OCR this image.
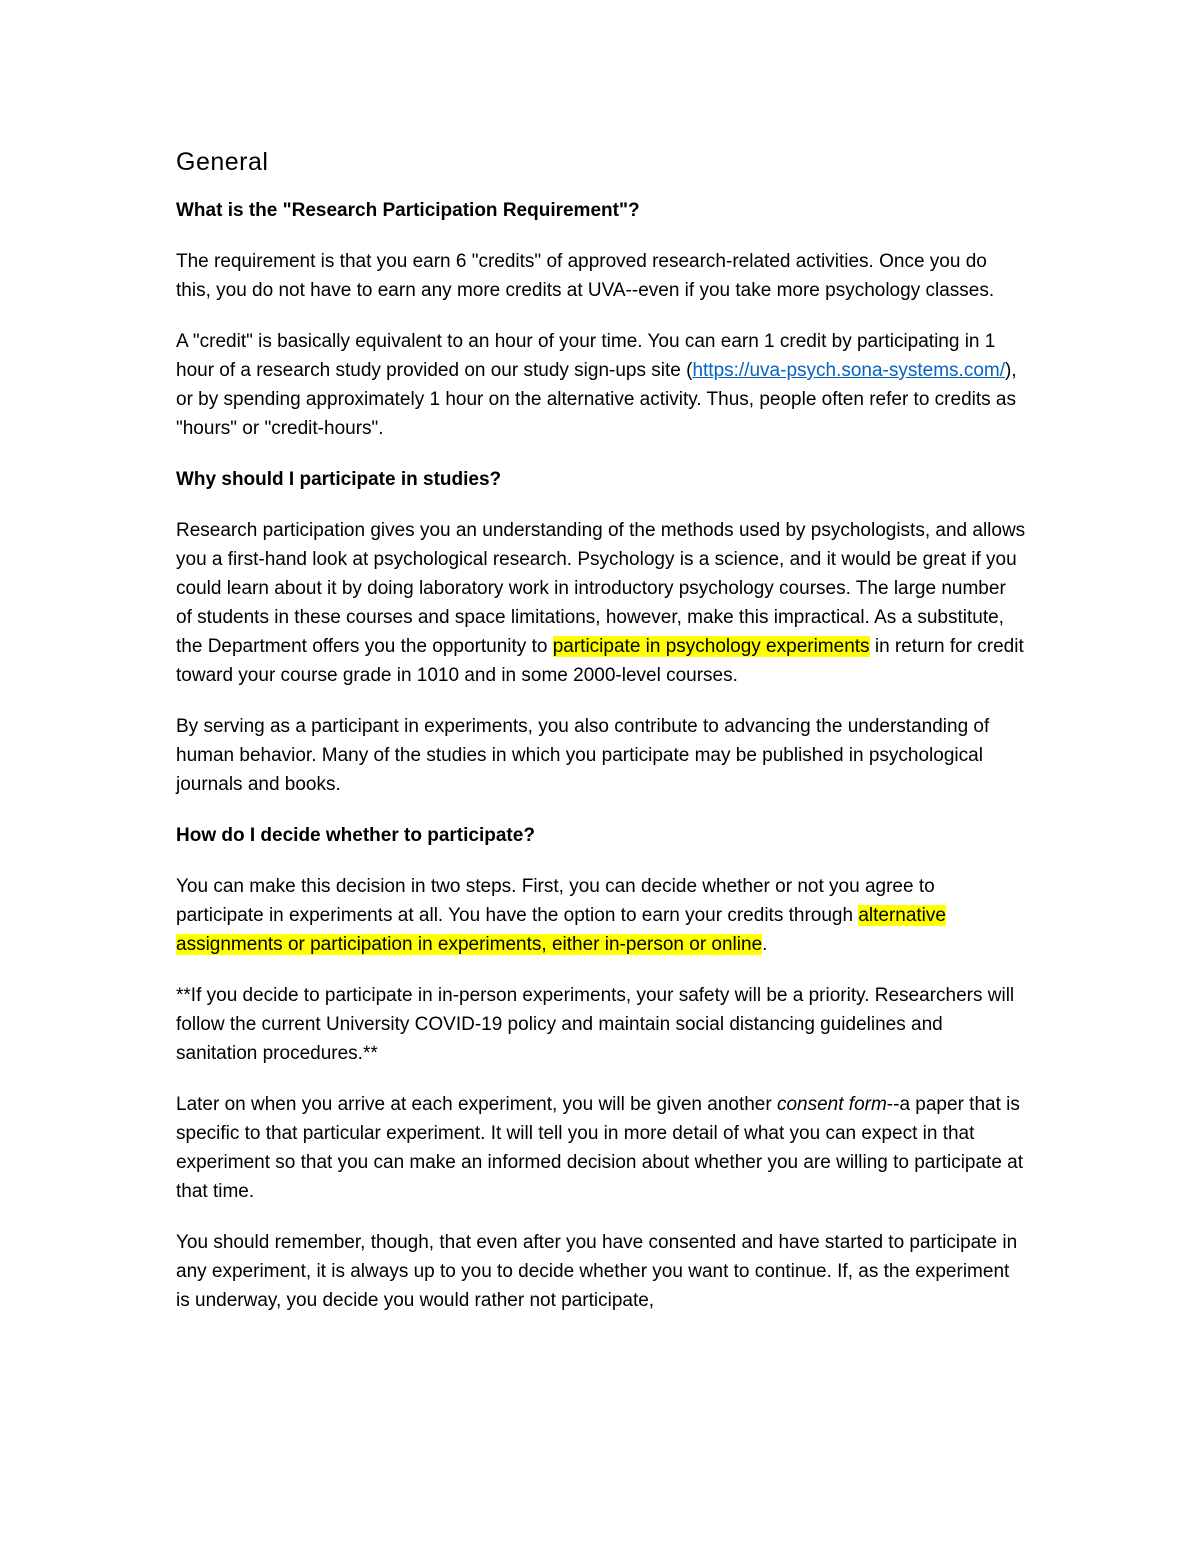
General
What is the "Research Participation Requirement"?
The requirement is that you earn 6 "credits" of approved research-related activities. Once you do this, you do not have to earn any more credits at UVA--even if you take more psychology classes.
A "credit" is basically equivalent to an hour of your time. You can earn 1 credit by participating in 1 hour of a research study provided on our study sign-ups site (https://uva-psych.sona-systems.com/), or by spending approximately 1 hour on the alternative activity. Thus, people often refer to credits as "hours" or "credit-hours".
Why should I participate in studies?
Research participation gives you an understanding of the methods used by psychologists, and allows you a first-hand look at psychological research. Psychology is a science, and it would be great if you could learn about it by doing laboratory work in introductory psychology courses. The large number of students in these courses and space limitations, however, make this impractical. As a substitute, the Department offers you the opportunity to participate in psychology experiments in return for credit toward your course grade in 1010 and in some 2000-level courses.
By serving as a participant in experiments, you also contribute to advancing the understanding of human behavior. Many of the studies in which you participate may be published in psychological journals and books.
How do I decide whether to participate?
You can make this decision in two steps. First, you can decide whether or not you agree to participate in experiments at all. You have the option to earn your credits through alternative assignments or participation in experiments, either in-person or online.
**If you decide to participate in in-person experiments, your safety will be a priority. Researchers will follow the current University COVID-19 policy and maintain social distancing guidelines and sanitation procedures.**
Later on when you arrive at each experiment, you will be given another consent form--a paper that is specific to that particular experiment. It will tell you in more detail of what you can expect in that experiment so that you can make an informed decision about whether you are willing to participate at that time.
You should remember, though, that even after you have consented and have started to participate in any experiment, it is always up to you to decide whether you want to continue. If, as the experiment is underway, you decide you would rather not participate,
